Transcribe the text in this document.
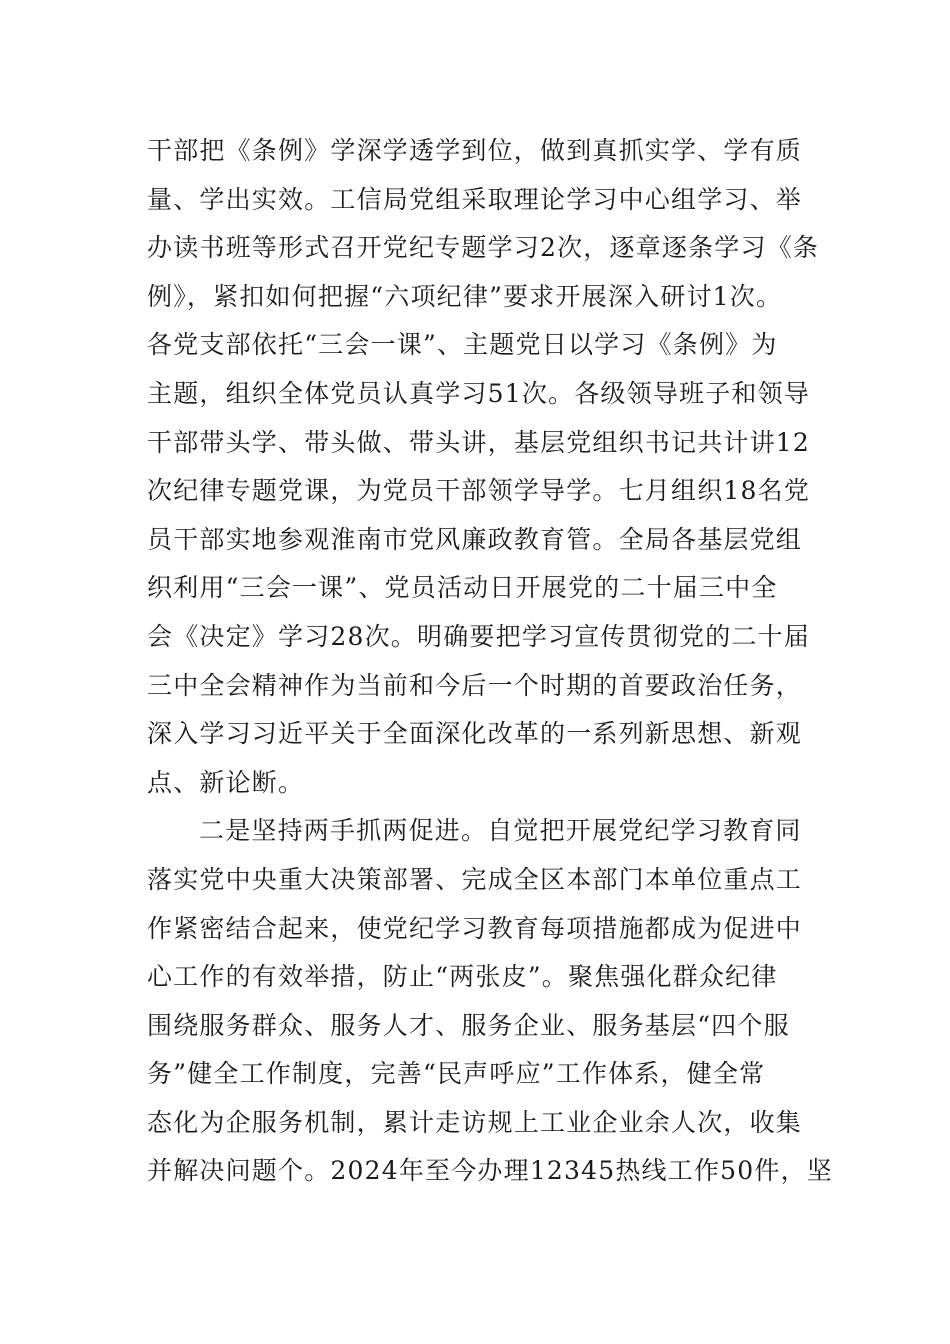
干部把《条例》学深学透学到位，做到真抓实学、学有质
量、学出实效。工信局党组采取理论学习中心组学习、举
办读书班等形式召开党纪专题学习2次，逐章逐条学习《条
例》，紧扣如何把握“六项纪律”要求开展深入研讨1次。
各党支部依托“三会一课”、主题党日以学习《条例》为
主题，组织全体党员认真学习51次。各级领导班子和领导
干部带头学、带头做、带头讲，基层党组织书记共计讲12
次纪律专题党课，为党员干部领学导学。七月组织18名党
员干部实地参观淮南市党风廉政教育管。全局各基层党组
织利用“三会一课”、党员活动日开展党的二十届三中全
会《决定》学习28次。明确要把学习宣传贯彻党的二十届
三中全会精神作为当前和今后一个时期的首要政治任务，
深入学习习近平关于全面深化改革的一系列新思想、新观
点、新论断。

二是坚持两手抓两促进。自觉把开展党纪学习教育同
落实党中央重大决策部署、完成全区本部门本单位重点工
作紧密结合起来，使党纪学习教育每项措施都成为促进中
心工作的有效举措，防止“两张皮”。聚焦强化群众纪律
围绕服务群众、服务人才、服务企业、服务基层“四个服
务”健全工作制度，完善“民声呼应”工作体系，健全常
态化为企服务机制，累计走访规上工业企业余人次，收集
并解决问题个。2024年至今办理12345热线工作50件，坚
